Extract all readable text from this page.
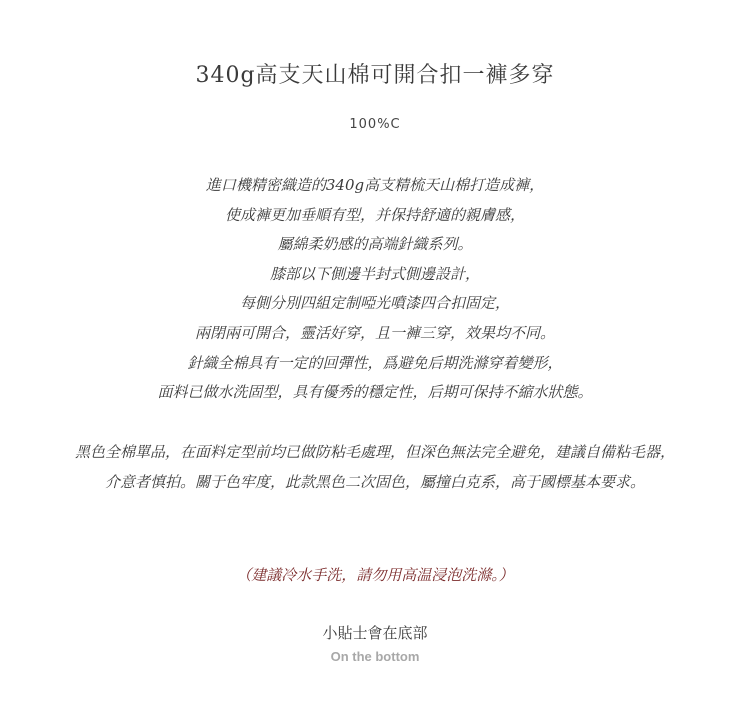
340g高支天山棉可開合扣一褲多穿
100%C
進口機精密織造的340g高支精梳天山棉打造成褲，
使成褲更加垂順有型，并保持舒適的親膚感，
屬綿柔奶感的高端針織系列。
膝部以下側邊半封式側邊設計，
每側分別四組定制啞光噴漆四合扣固定，
兩閉兩可開合，靈活好穿，且一褲三穿，效果均不同。
針織全棉具有一定的回彈性，爲避免后期洗滌穿着變形，
面料已做水洗固型，具有優秀的穩定性，后期可保持不縮水狀態。
黑色全棉單品，在面料定型前均已做防粘毛處理，但深色無法完全避免，建議自備粘毛器，
介意者慎拍。關于色牢度，此款黑色二次固色，屬撞白克系，高于國標基本要求。
（建議冷水手洗，請勿用高温浸泡洗滌。）
小貼士會在底部
On the bottom
